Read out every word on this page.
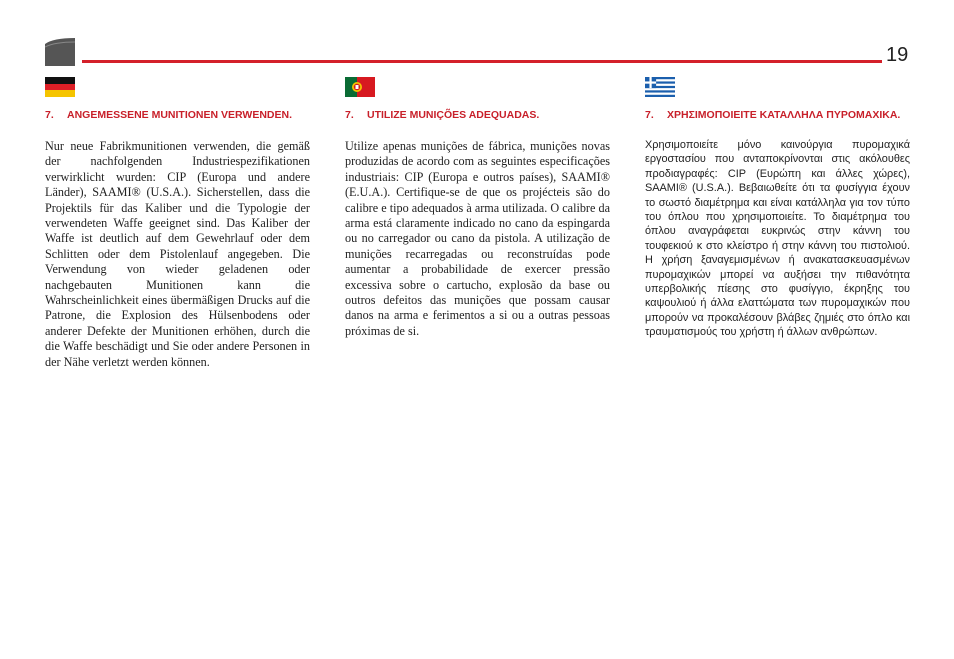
19
7.	ANGEMESSENE MUNITIONEN VERWENDEN.
Nur neue Fabrikmunitionen verwenden, die gemäß der nachfolgenden Industriespezifikationen verwirklicht wurden: CIP (Europa und andere Länder), SAAMI® (U.S.A.). Sicherstellen, dass die Projektils für das Kaliber und die Typologie der verwendeten Waffe geeignet sind. Das Kaliber der Waffe ist deutlich auf dem Gewehrlauf oder dem Schlitten oder dem Pistolenlauf angegeben. Die Verwendung von wieder geladenen oder nachgebauten Munitionen kann die Wahrscheinlichkeit eines übermäßigen Drucks auf die Patrone, die Explosion des Hülsenbodens oder anderer Defekte der Munitionen erhöhen, durch die die Waffe beschädigt und Sie oder andere Personen in der Nähe verletzt werden können.
7.	UTILIZE MUNIÇÕES ADEQUADAS.
Utilize apenas munições de fábrica, munições novas produzidas de acordo com as seguintes especificações industriais: CIP (Europa e outros países), SAAMI® (E.U.A.). Certifique-se de que os projécteis são do calibre e tipo adequados à arma utilizada. O calibre da arma está claramente indicado no cano da espingarda ou no carregador ou cano da pistola. A utilização de munições recarregadas ou reconstruídas pode aumentar a probabilidade de exercer pressão excessiva sobre o cartucho, explosão da base ou outros defeitos das munições que possam causar danos na arma e ferimentos a si ou a outras pessoas próximas de si.
7.	ΧΡΗΣΙΜΟΠΟΙΕΙΤΕ ΚΑΤΑΛΛΗΛΑ ΠΥΡΟΜΑΧΙΚΑ.
Χρησιμοποιείτε μόνο καινούργια πυρομαχικά εργοστασίου που ανταποκρίνονται στις ακόλουθες προδιαγραφές: CIP (Ευρώπη και άλλες χώρες), SAAMI® (U.S.A.). Βεβαιωθείτε ότι τα φυσίγγια έχουν το σωστό διαμέτρημα και είναι κατάλληλα για τον τύπο του όπλου που χρησιμοποιείτε. Το διαμέτρημα του όπλου αναγράφεται ευκρινώς στην κάννη του τουφεκιού κ στο κλείστρο ή στην κάννη του πιστολιού. Η χρήση ξαναγεμισμένων ή ανακατασκευασμένων πυρομαχικών μπορεί να αυξήσει την πιθανότητα υπερβολικής πίεσης στο φυσίγγιο, έκρηξης του καψουλιού ή άλλα ελαττώματα των πυρομαχικών που μπορούν να προκαλέσουν βλάβες ζημιές στο όπλο και τραυματισμούς του χρήστη ή άλλων ανθρώπων.
